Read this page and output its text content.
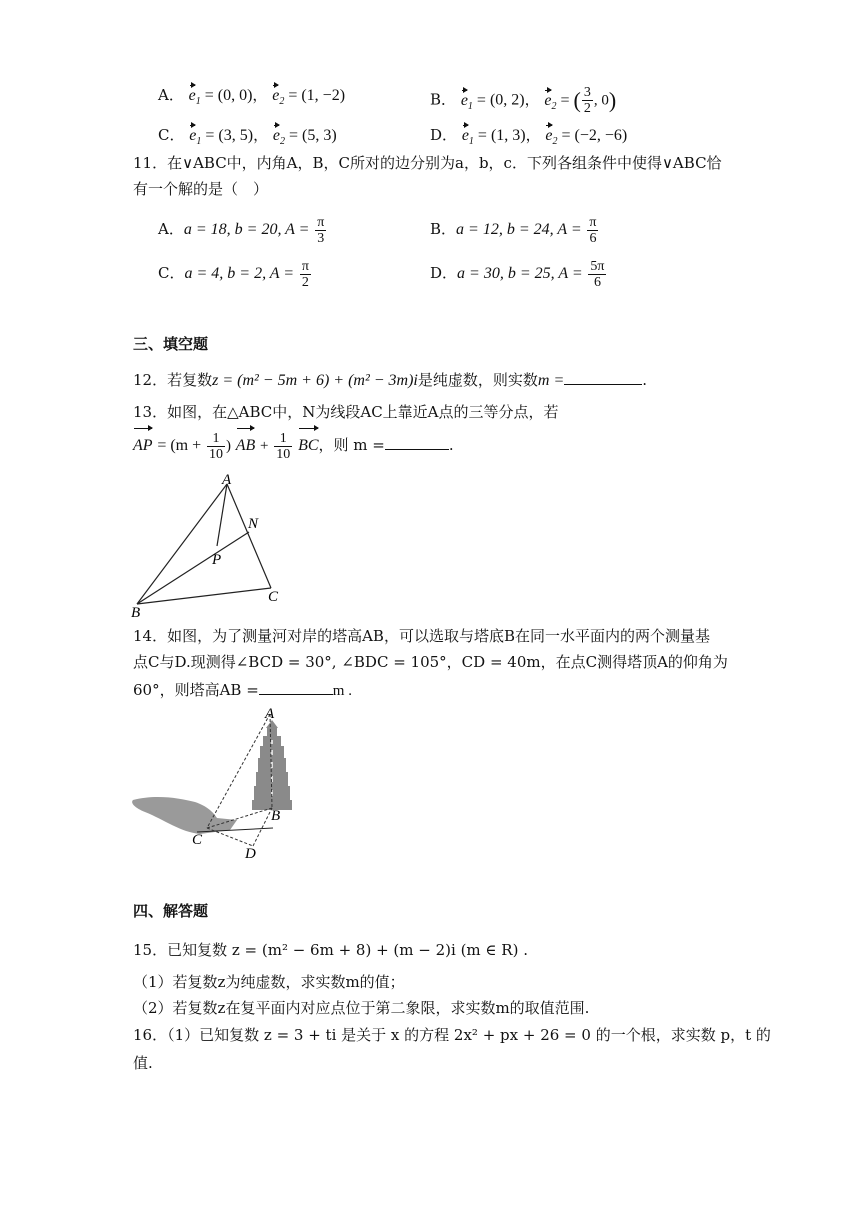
A． $e_1 = (0$, 0)， $e_2 = (1$, −2)	B． $e_1 = (0$, 2)， $e_2$ = ( $\frac{3}{2}$ , 0)
C． $e_1 = (3$, 5)， $e_2 = (5$, 3)	D． $e_1 = (1$, 3)， $e_2 = (-2$, −6)
11．在∨ABC中，内角A，B，C所对的边分别为a，b，c．下列各组条件中使得∨ABC恰
有一个解的是（　）
A．a = 18, b = 20, $A = \frac{\pi}{3}$	B．a = 12, b = 24, $A = \frac{\pi}{6}$
C．a = 4, b = 2, $A = \frac{\pi}{2}$	D．a = 30, b = 25, $A = \frac{5\pi}{6}$
三、填空题
12．若复数z = (m² − 5m + 6) + (m² − 3m)i是纯虚数，则实数m =	.
13．如图，在△ABC中，N为线段AC上靠近A点的三等分点，若
AP = ($m + \frac{1}{10}$ ) AB + $\frac{1}{10}$ BC，则 m =	.
A
N
P
B
C
14．如图，为了测量河对岸的塔高AB，可以选取与塔底B在同一水平面内的两个测量基
点C与D.现测得∠BCD = 30°, ∠BDC = 105°，CD = 40m，在点C测得塔顶A的仰角为
60°，则塔高AB =	m .
A
B
C
D
四、解答题
15．已知复数 z = (m² − 6m + 8) + (m − 2)i (m ∈ R) .
（1）若复数z为纯虚数，求实数m的值；
（2）若复数z在复平面内对应点位于第二象限，求实数m的取值范围.
16．（1）已知复数 z = 3 + ti 是关于 x 的方程 2x² + px + 26 = 0 的一个根，求实数 p，t 的
值.
